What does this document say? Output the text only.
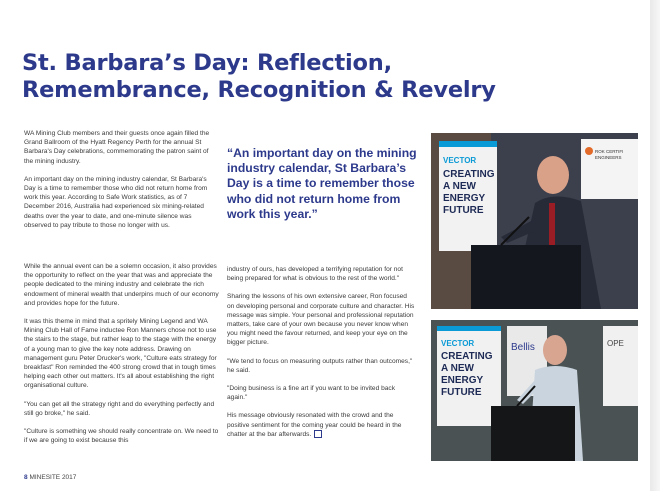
St. Barbara’s Day: Reflection,
Remembrance, Recognition & Revelry

WA Mining Club members and their guests once again filled the Grand Ballroom of the Hyatt Regency Perth for the annual St Barbara's Day celebrations, commemorating the patron saint of the mining industry.

An important day on the mining industry calendar, St Barbara's Day is a time to remember those who did not return home from work this year. According to Safe Work statistics, as of 7 December 2016, Australia had experienced six mining-related deaths over the year to date, and one-minute silence was observed to pay tribute to those no longer with us.

“An important day on the mining industry calendar, St Barbara’s Day is a time to remember those who did not return home from work this year.”

While the annual event can be a solemn occasion, it also provides the opportunity to reflect on the year that was and appreciate the people dedicated to the mining industry and celebrate the rich endowment of mineral wealth that underpins much of our economy and provides hope for the future.

It was this theme in mind that a spritely Mining Legend and WA Mining Club Hall of Fame inductee Ron Manners chose not to use the stairs to the stage, but rather leap to the stage with the energy of a young man to give the key note address. Drawing on management guru Peter Drucker's work, "Culture eats strategy for breakfast" Ron reminded the 400 strong crowd that in tough times helping each other out matters. It's all about establishing the right organisational culture.

"You can get all the strategy right and do everything perfectly and still go broke," he said.

"Culture is something we should really concentrate on. We need to if we are going to exist because this

industry of ours, has developed a terrifying reputation for not being prepared for what is obvious to the rest of the world."

Sharing the lessons of his own extensive career, Ron focused on developing personal and corporate culture and character. His message was simple. Your personal and professional reputation matters, take care of your own because you never know when you might need the favour returned, and keep your eye on the bigger picture.

"We tend to focus on measuring outputs rather than outcomes," he said.

"Doing business is a fine art if you want to be invited back again."

His message obviously resonated with the crowd and the positive sentiment for the coming year could be heard in the chatter at the bar afterwards.

VECTOR
CREATING
A NEW
ENERGY
FUTURE
ROK CERTIFI
ENGINEERS
VECTOR
CREATING
A NEW
ENERGY
FUTURE
Bellis	OPE
8 MINESITE 2017
